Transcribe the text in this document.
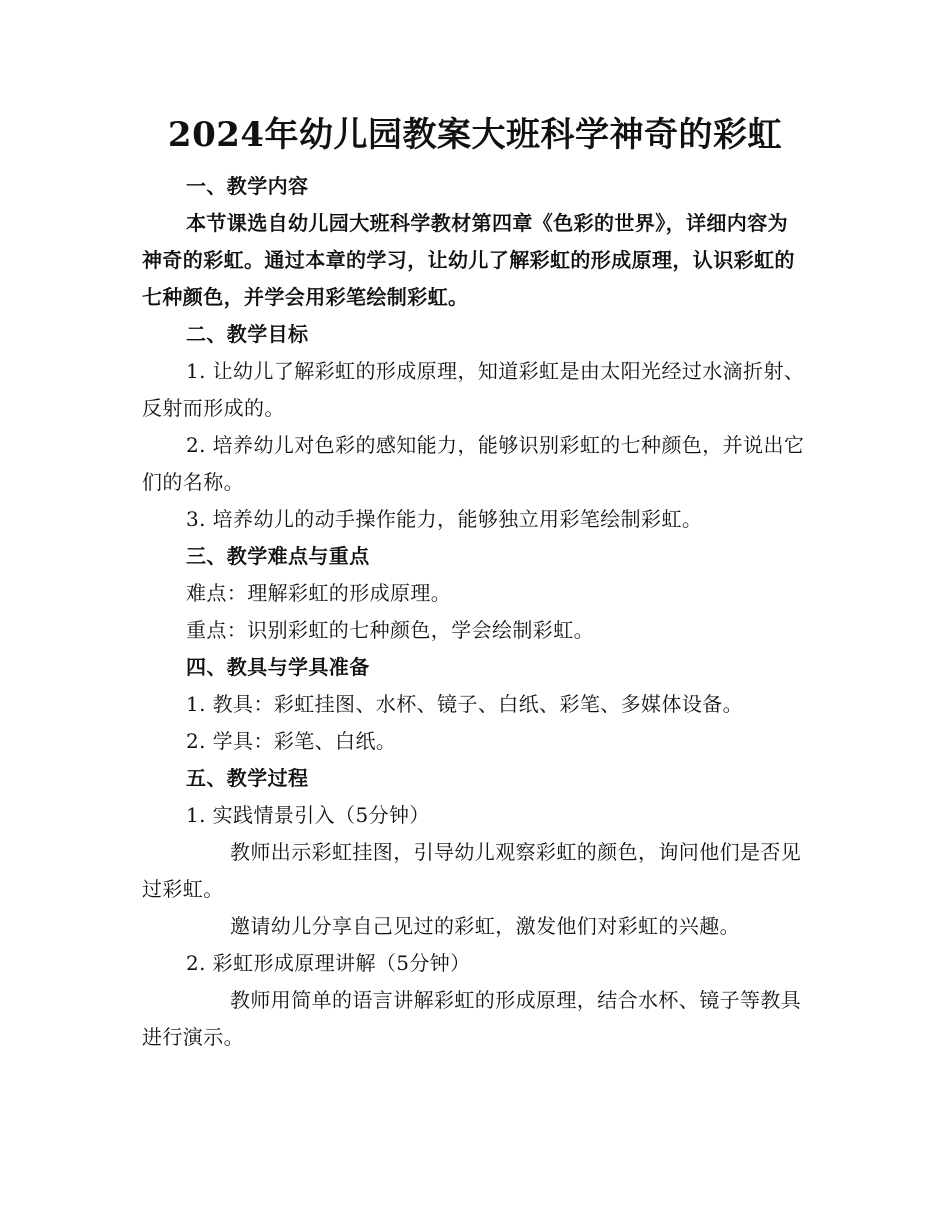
2024年幼儿园教案大班科学神奇的彩虹

一、教学内容

本节课选自幼儿园大班科学教材第四章《色彩的世界》，详细内容为神奇的彩虹。通过本章的学习，让幼儿了解彩虹的形成原理，认识彩虹的七种颜色，并学会用彩笔绘制彩虹。

二、教学目标

1. 让幼儿了解彩虹的形成原理，知道彩虹是由太阳光经过水滴折射、反射而形成的。

2. 培养幼儿对色彩的感知能力，能够识别彩虹的七种颜色，并说出它们的名称。

3. 培养幼儿的动手操作能力，能够独立用彩笔绘制彩虹。

三、教学难点与重点

难点：理解彩虹的形成原理。

重点：识别彩虹的七种颜色，学会绘制彩虹。

四、教具与学具准备

1. 教具：彩虹挂图、水杯、镜子、白纸、彩笔、多媒体设备。

2. 学具：彩笔、白纸。

五、教学过程

1. 实践情景引入（5分钟）

教师出示彩虹挂图，引导幼儿观察彩虹的颜色，询问他们是否见过彩虹。

邀请幼儿分享自己见过的彩虹，激发他们对彩虹的兴趣。

2. 彩虹形成原理讲解（5分钟）

教师用简单的语言讲解彩虹的形成原理，结合水杯、镜子等教具进行演示。
